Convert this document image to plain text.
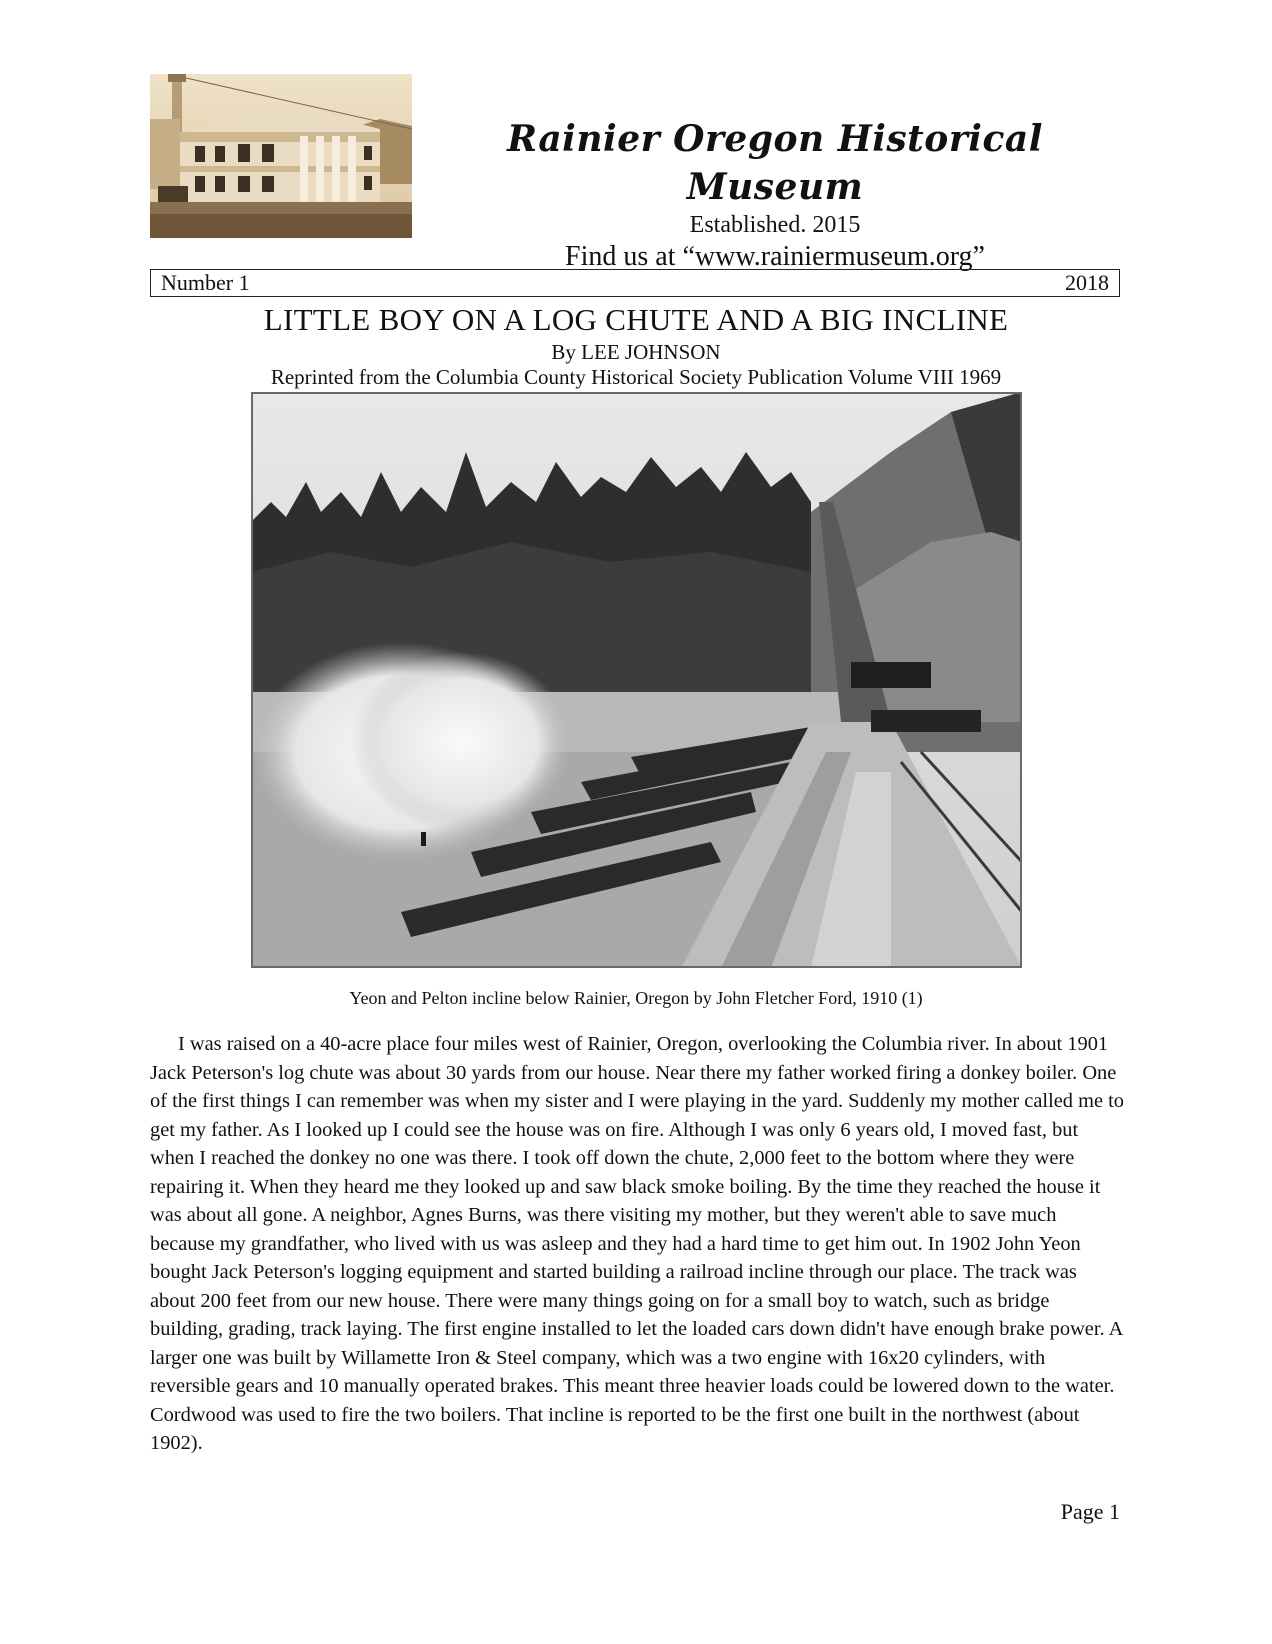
Rainier Oregon Historical Museum
Established. 2015
Find us at “www.rainiermuseum.org”
Number 1	2018
LITTLE BOY ON A LOG CHUTE AND A BIG INCLINE
By LEE JOHNSON
Reprinted from the Columbia County Historical Society Publication Volume VIII 1969
Yeon and Pelton incline below Rainier, Oregon by John Fletcher Ford, 1910 (1)
I was raised on a 40-acre place four miles west of Rainier, Oregon, overlooking the Columbia river. In about 1901 Jack Peterson's log chute was about 30 yards from our house. Near there my father worked firing a donkey boiler. One of the first things I can remember was when my sister and I were playing in the yard. Suddenly my mother called me to get my father. As I looked up I could see the house was on fire. Although I was only 6 years old, I moved fast, but when I reached the donkey no one was there. I took off down the chute, 2,000 feet to the bottom where they were repairing it. When they heard me they looked up and saw black smoke boiling. By the time they reached the house it was about all gone. A neighbor, Agnes Burns, was there visiting my mother, but they weren't able to save much because my grandfather, who lived with us was asleep and they had a hard time to get him out. In 1902 John Yeon bought Jack Peterson's logging equipment and started building a railroad incline through our place. The track was about 200 feet from our new house. There were many things going on for a small boy to watch, such as bridge building, grading, track laying. The first engine installed to let the loaded cars down didn't have enough brake power. A larger one was built by Willamette Iron & Steel company, which was a two engine with 16x20 cylinders, with reversible gears and 10 manually operated brakes. This meant three heavier loads could be lowered down to the water. Cordwood was used to fire the two boilers. That incline is reported to be the first one built in the northwest (about 1902).
Page 1
